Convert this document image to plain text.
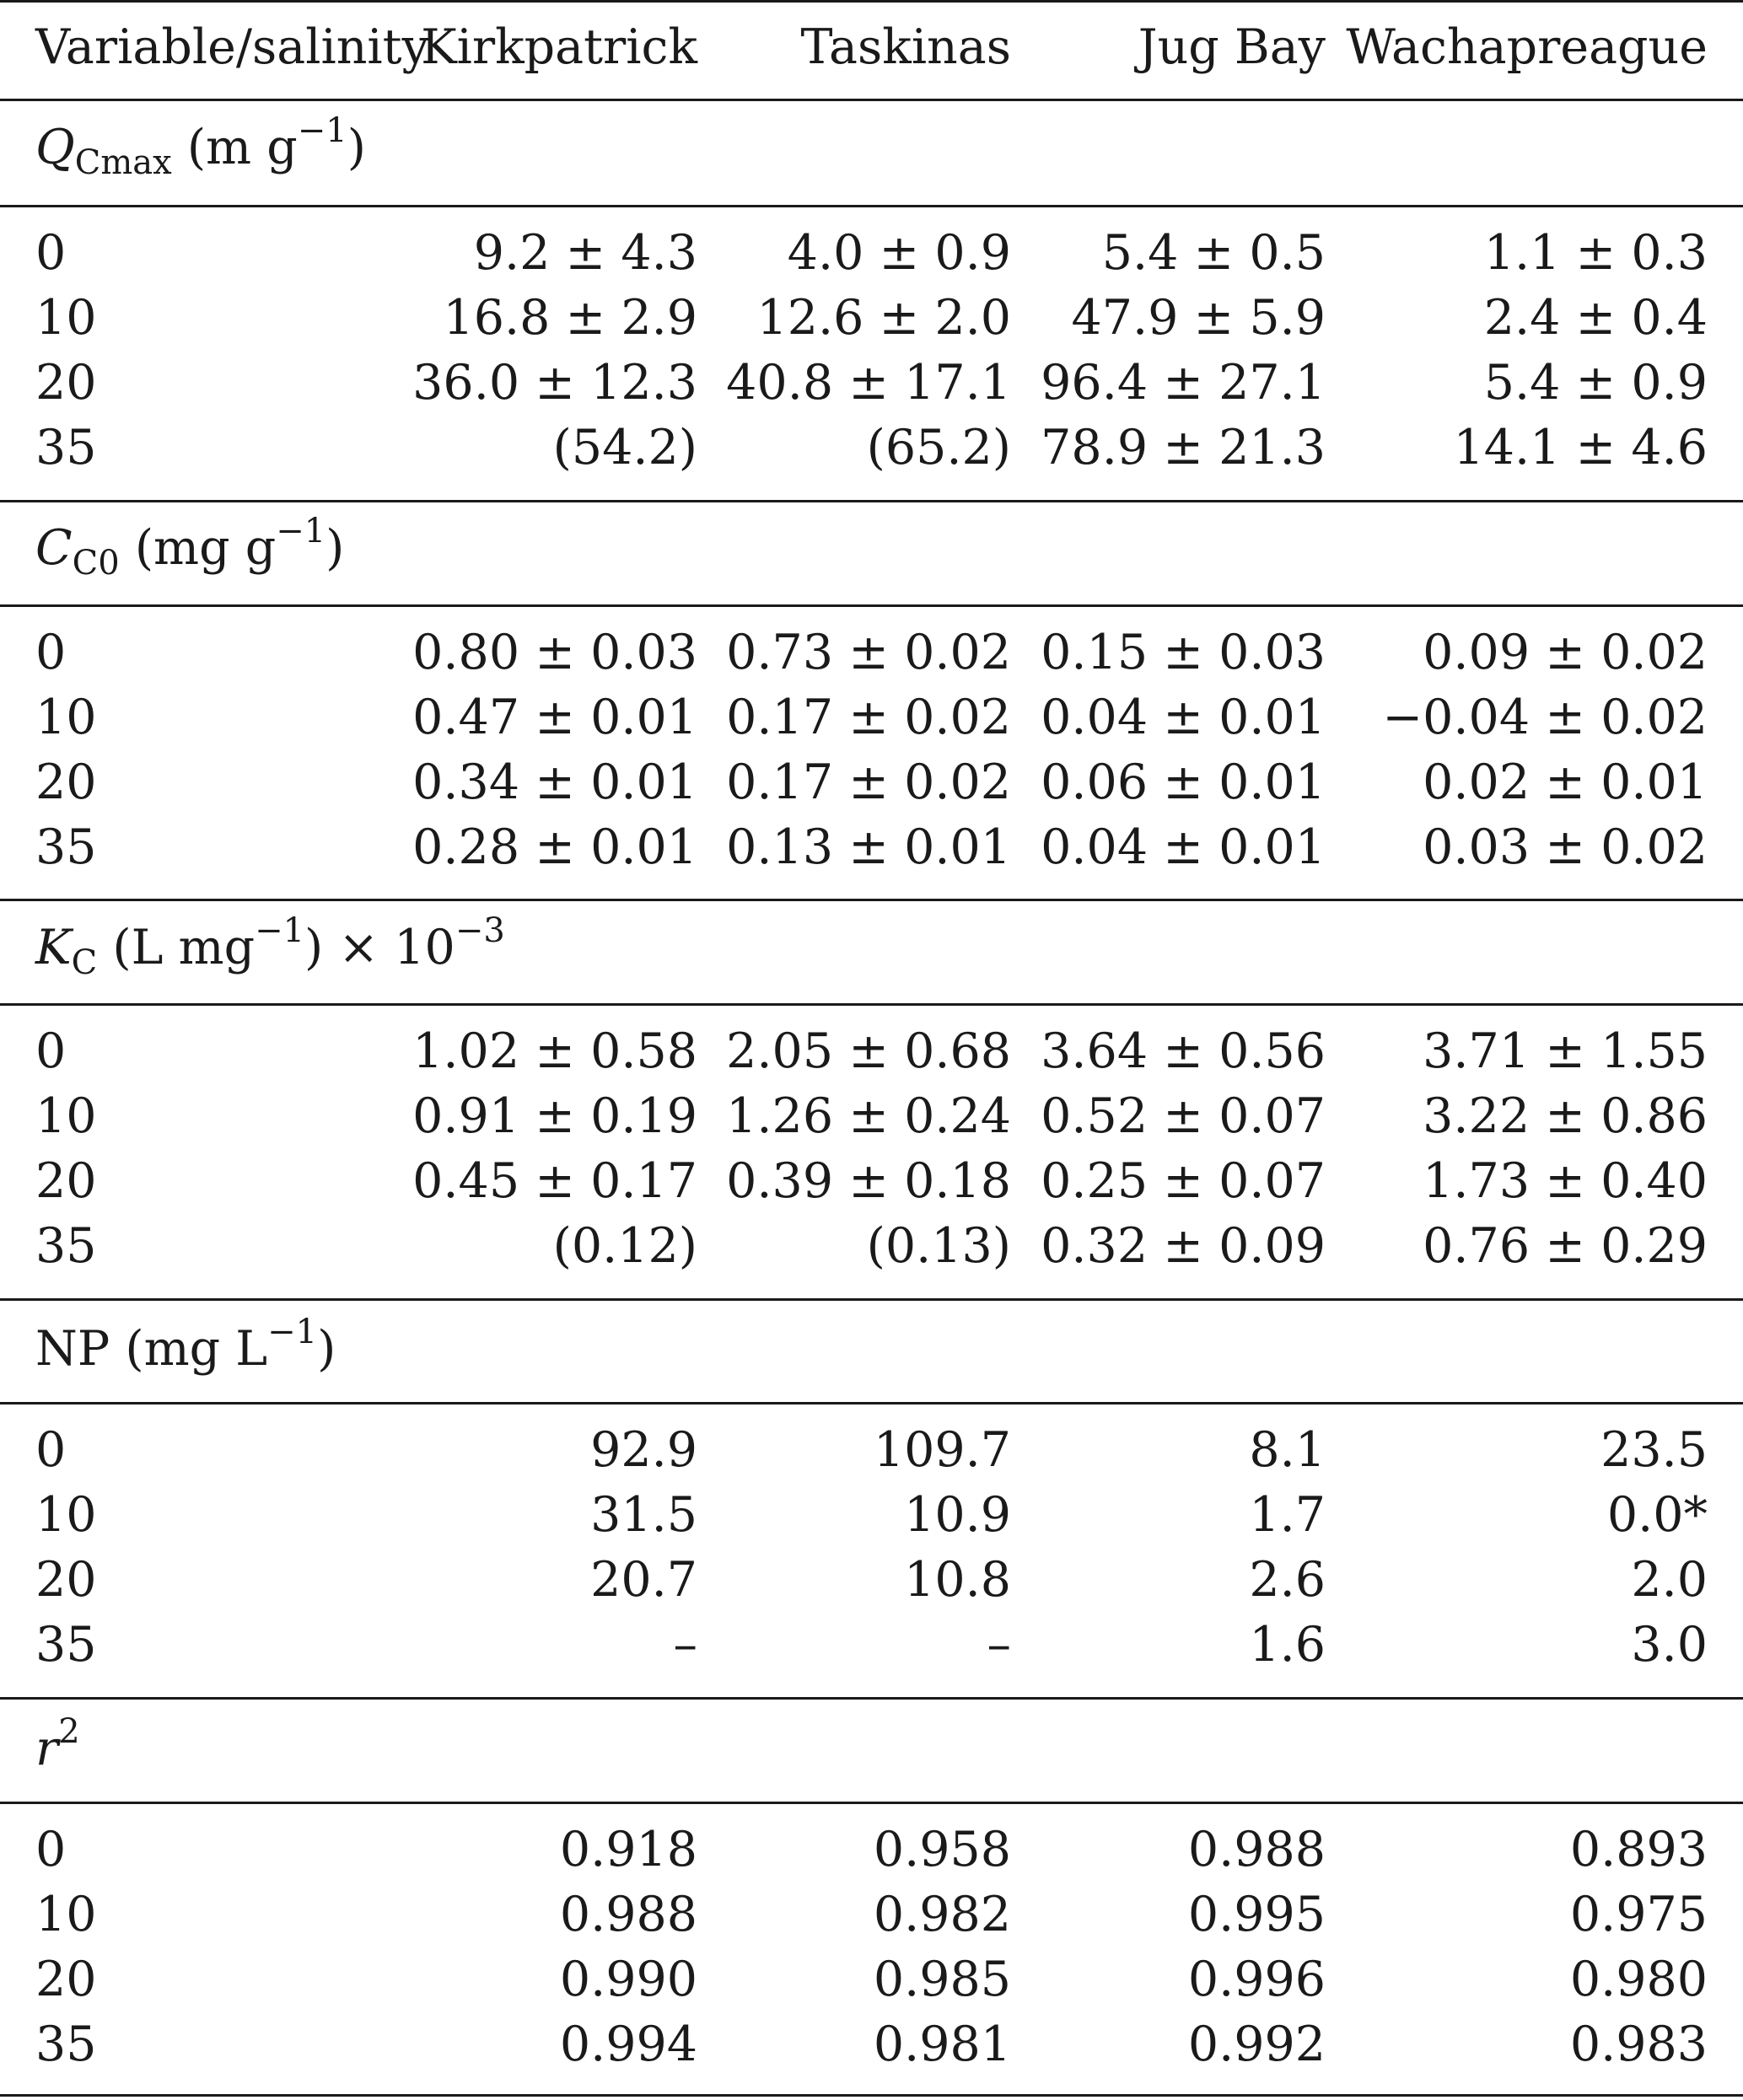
Variable/salinity
Kirkpatrick Taskinas	Jug Bay Wachapreague
$Q_{Cmax}$ (m $g^{-1}$)
0	9.2 ± 4.3 4.0 ± 0.9 5.4 ± 0.5	1.1 ± 0.3
10	16.8 ± 2.9 12.6 ± 2.0 47.9 ± 5.9	2.4 ± 0.4
20	36.0 ± 12.3 40.8 ± 17.1 96.4 ± 27.1	5.4 ± 0.9
35	(54.2)	(65.2) 78.9 ± 21.3	14.1 ± 4.6
$C_{C0}$ (mg $g^{-1}$)
0	0.80 ± 0.03 0.73 ± 0.02 0.15 ± 0.03 0.09 ± 0.02
10	0.47 ± 0.01 0.17 ± 0.02 0.04 ± 0.01 −0.04 ± 0.02
20	0.34 ± 0.01 0.17 ± 0.02 0.06 ± 0.01 0.02 ± 0.01
35	0.28 ± 0.01 0.13 ± 0.01 0.04 ± 0.01 0.03 ± 0.02
$K_C$ (L $mg^{-1}) \times 10^{-3}$
0	1.02 ± 0.58 2.05 ± 0.68 3.64 ± 0.56 3.71 ± 1.55
10	0.91 ± 0.19 1.26 ± 0.24 0.52 ± 0.07 3.22 ± 0.86
20	0.45 ± 0.17 0.39 ± 0.18 0.25 ± 0.07 1.73 ± 0.40
35	(0.12)	(0.13) 0.32 ± 0.09 0.76 ± 0.29
NP (mg $L^{-1}$)
0	92.9	109.7	8.1	23.5
10	31.5	10.9	1.7	0.0*
20	20.7	10.8	2.6	2.0
35	–	–	1.6	3.0
$r^2$
0	0.918	0.958	0.988	0.893
10	0.988	0.982	0.995	0.975
20	0.990	0.985	0.996	0.980
35	0.994	0.981	0.992	0.983
